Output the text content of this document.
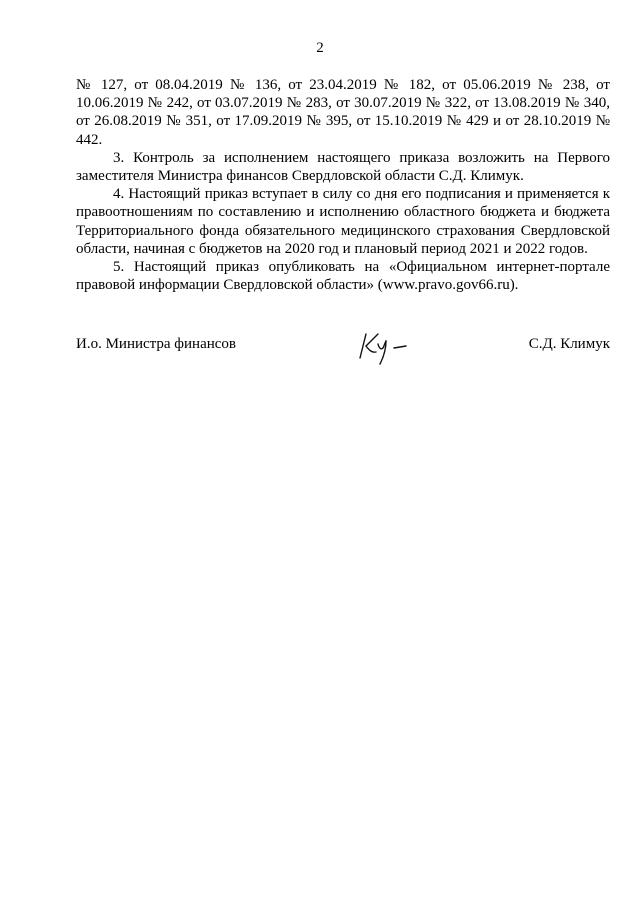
2

№ 127, от 08.04.2019 № 136, от 23.04.2019 № 182, от 05.06.2019 № 238, от 10.06.2019 № 242, от 03.07.2019 № 283, от 30.07.2019 № 322, от 13.08.2019 № 340, от 26.08.2019 № 351, от 17.09.2019 № 395, от 15.10.2019 № 429 и от 28.10.2019 № 442.

3. Контроль за исполнением настоящего приказа возложить на Первого заместителя Министра финансов Свердловской области С.Д. Климук.

4. Настоящий приказ вступает в силу со дня его подписания и применяется к правоотношениям по составлению и исполнению областного бюджета и бюджета Территориального фонда обязательного медицинского страхования Свердловской области, начиная с бюджетов на 2020 год и плановый период 2021 и 2022 годов.

5. Настоящий приказ опубликовать на «Официальном интернет-портале правовой информации Свердловской области» (www.pravo.gov66.ru).

И.о. Министра финансов	С.Д. Климук
